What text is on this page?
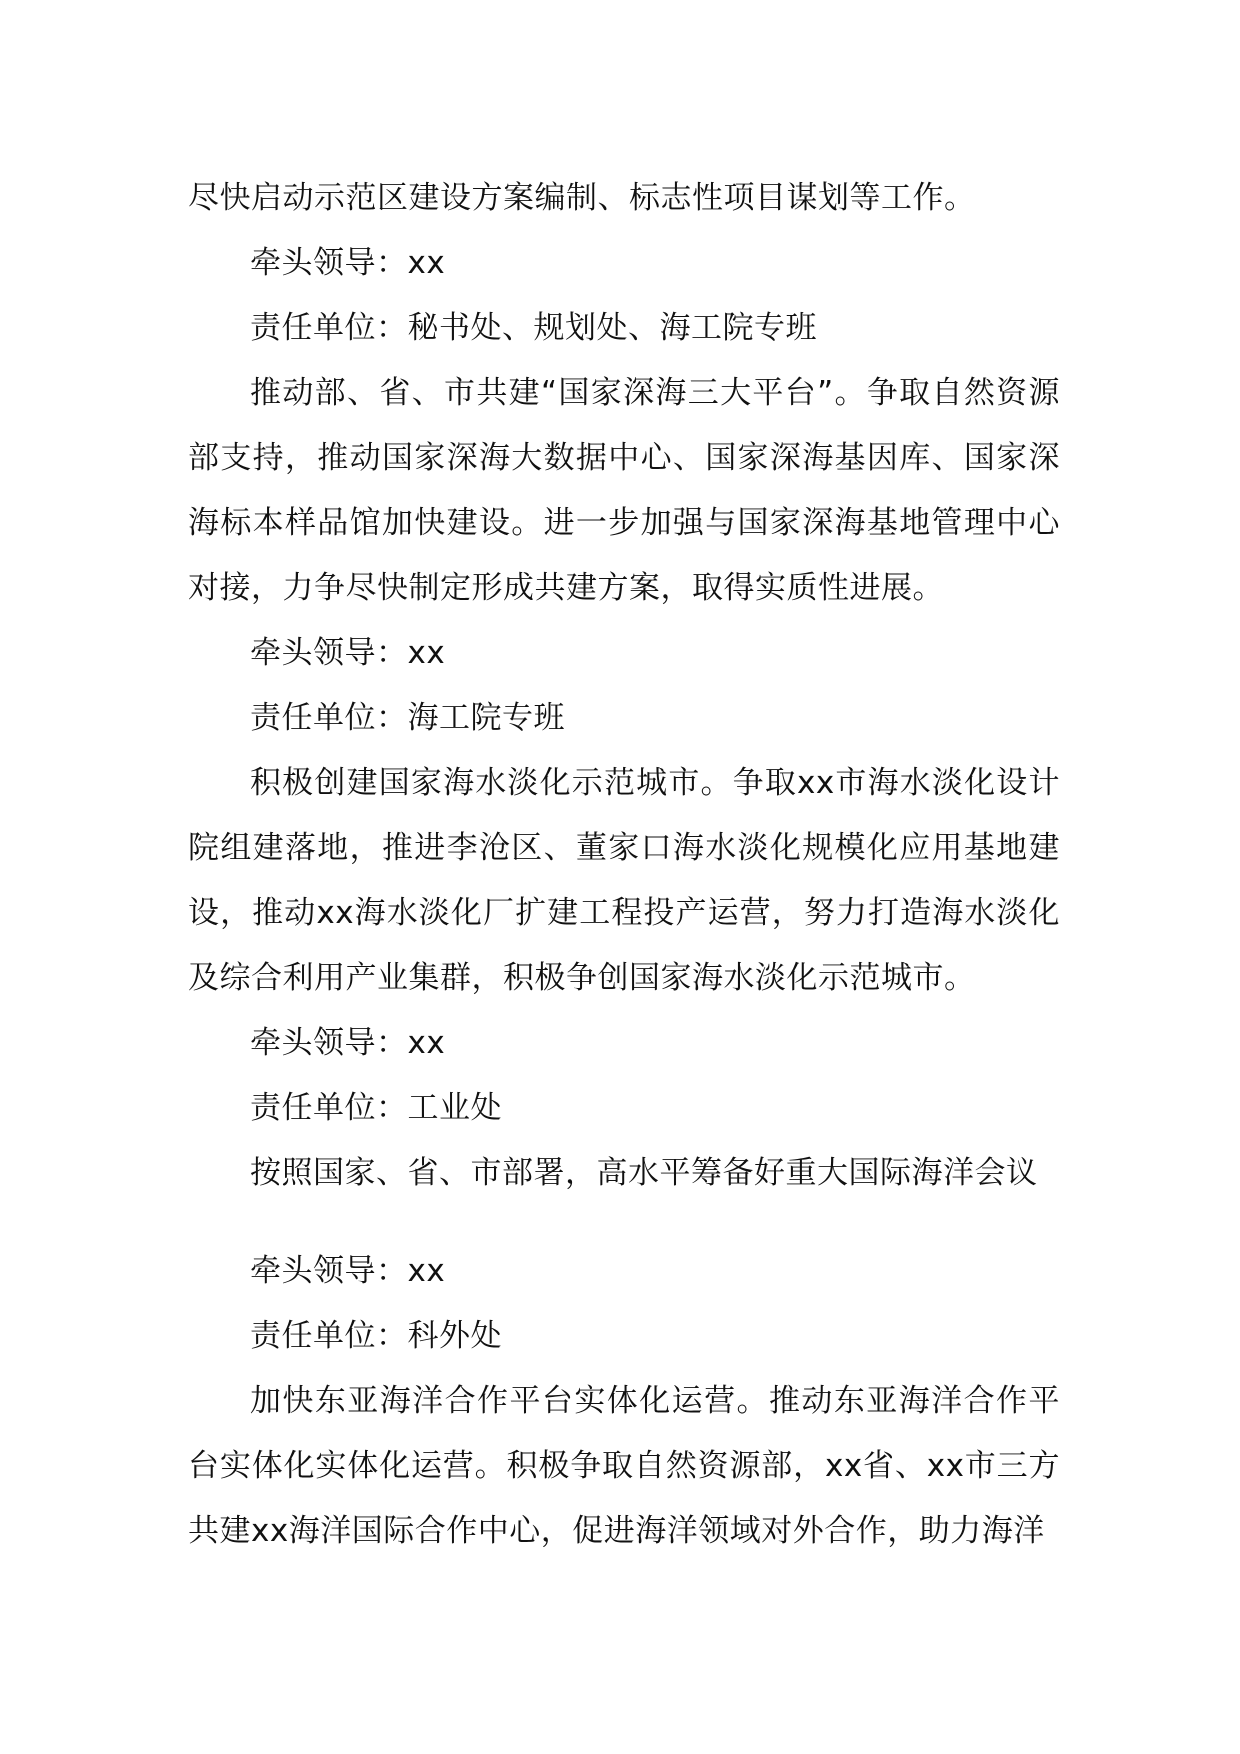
尽快启动示范区建设方案编制、标志性项目谋划等工作。

牵头领导：xx

责任单位：秘书处、规划处、海工院专班

推动部、省、市共建“国家深海三大平台”。争取自然资源部支持，推动国家深海大数据中心、国家深海基因库、国家深海标本样品馆加快建设。进一步加强与国家深海基地管理中心对接，力争尽快制定形成共建方案，取得实质性进展。

牵头领导：xx

责任单位：海工院专班

积极创建国家海水淡化示范城市。争取xx市海水淡化设计院组建落地，推进李沧区、董家口海水淡化规模化应用基地建设，推动xx海水淡化厂扩建工程投产运营，努力打造海水淡化及综合利用产业集群，积极争创国家海水淡化示范城市。

牵头领导：xx

责任单位：工业处

按照国家、省、市部署，高水平筹备好重大国际海洋会议

牵头领导：xx

责任单位：科外处

加快东亚海洋合作平台实体化运营。推动东亚海洋合作平台实体化实体化运营。积极争取自然资源部，xx省、xx市三方共建xx海洋国际合作中心，促进海洋领域对外合作，助力海洋
